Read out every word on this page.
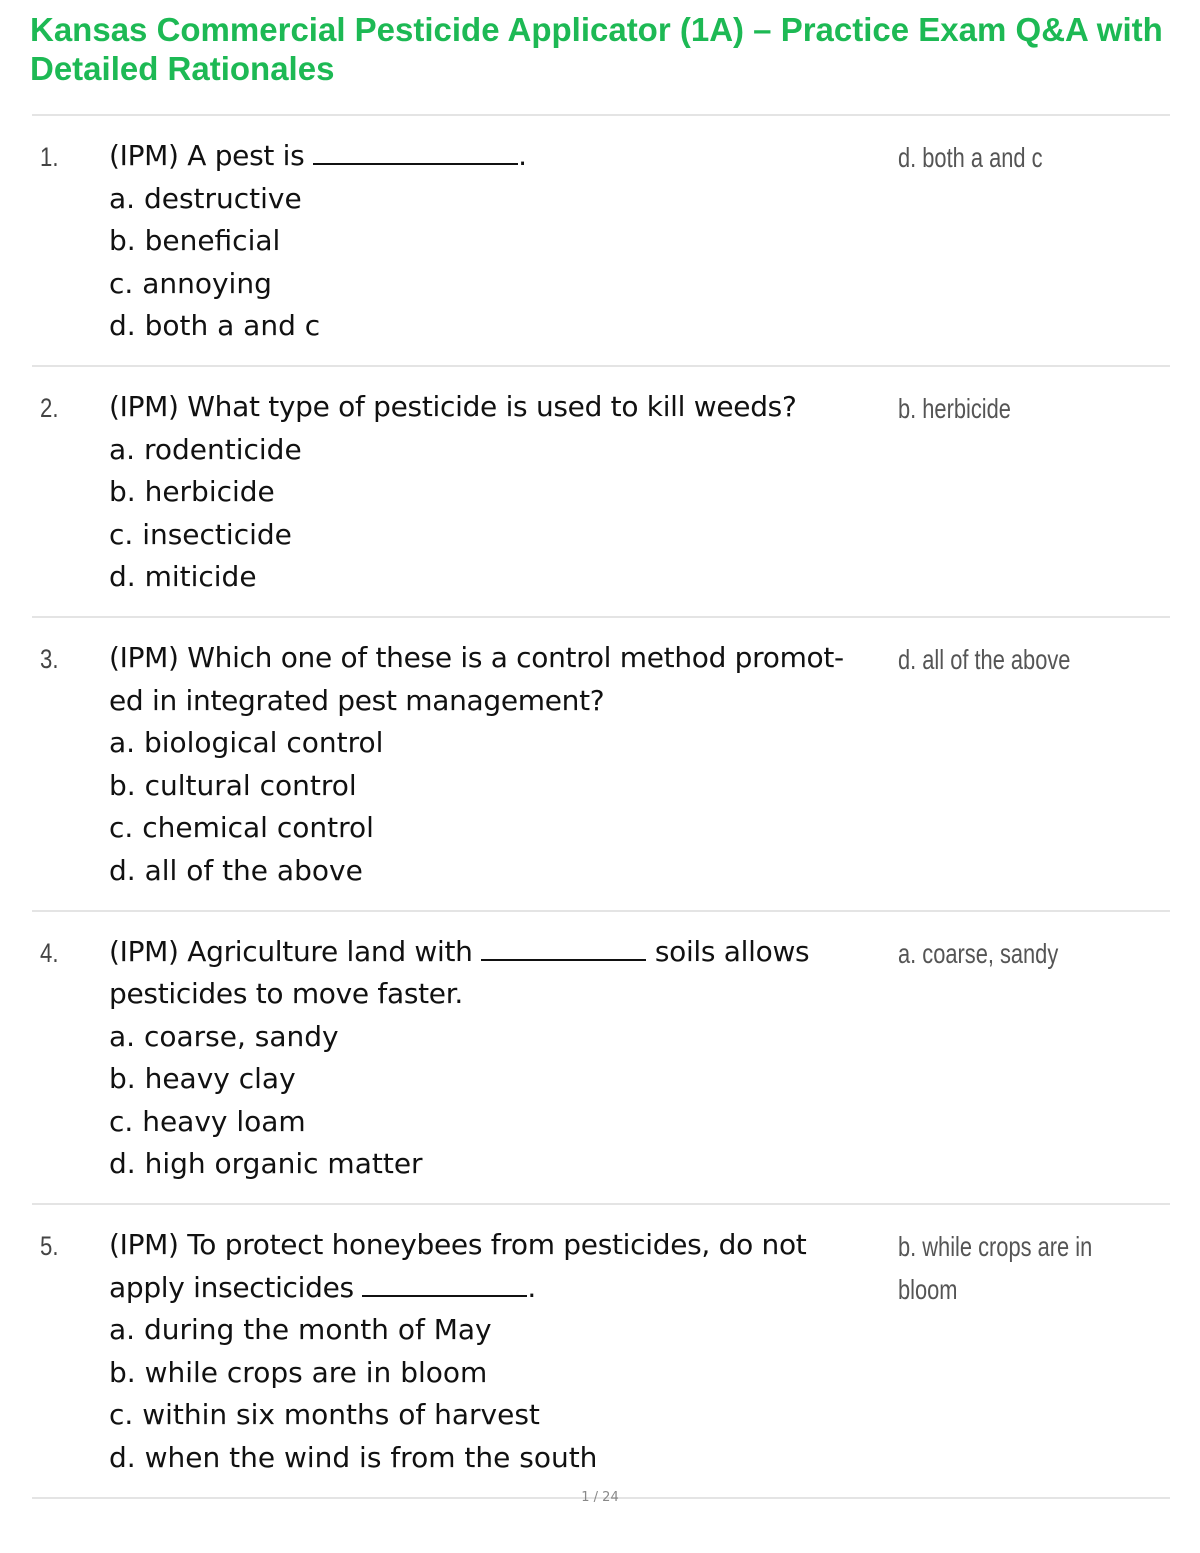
Kansas Commercial Pesticide Applicator (1A) – Practice Exam Q&A with Detailed Rationales
1. (IPM) A pest is	.
a. destructive
b. beneficial
c. annoying
d. both a and c
d. both a and c
2. (IPM) What type of pesticide is used to kill weeds?
a. rodenticide
b. herbicide
c. insecticide
d. miticide
b. herbicide
3. (IPM) Which one of these is a control method promot- ed in integrated pest management?
a. biological control
b. cultural control
c. chemical control
d. all of the above
d. all of the above
4. (IPM) Agriculture land with	soils allows pesticides to move faster.
a. coarse, sandy
b. heavy clay
c. heavy loam
d. high organic matter
a. coarse, sandy
5. (IPM) To protect honeybees from pesticides, do not apply insecticides	.
a. during the month of May
b. while crops are in bloom
c. within six months of harvest
d. when the wind is from the south
b. while crops are in bloom
1 / 24
